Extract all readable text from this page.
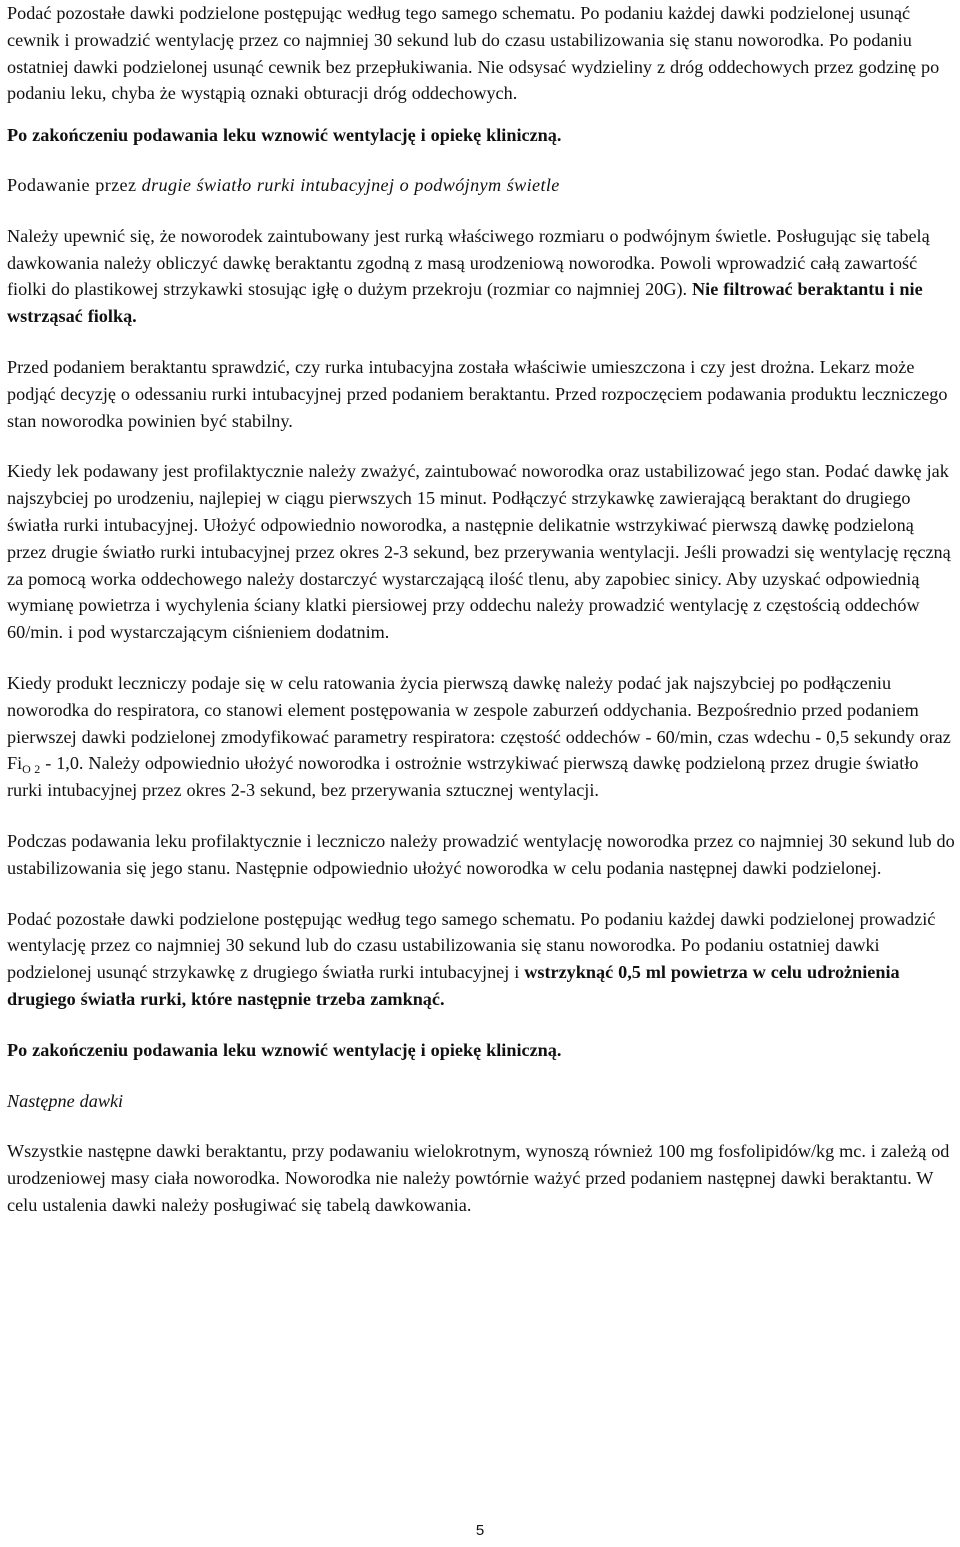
Podać pozostałe dawki podzielone postępując według tego samego schematu. Po podaniu każdej dawki podzielonej usunąć cewnik i prowadzić wentylację przez co najmniej 30 sekund lub do czasu ustabilizowania się stanu noworodka. Po podaniu ostatniej dawki podzielonej usunąć cewnik bez przepłukiwania. Nie odsysać wydzieliny z dróg oddechowych przez godzinę po podaniu leku, chyba że wystąpią oznaki obturacji dróg oddechowych.

Po zakończeniu podawania leku wznowić wentylację i opiekę kliniczną.

Podawanie przez drugie światło rurki intubacyjnej o podwójnym świetle

Należy upewnić się, że noworodek zaintubowany jest rurką właściwego rozmiaru o podwójnym świetle. Posługując się tabelą dawkowania należy obliczyć dawkę beraktantu zgodną z masą urodzeniową noworodka. Powoli wprowadzić całą zawartość fiolki do plastikowej strzykawki stosując igłę o dużym przekroju (rozmiar co najmniej 20G). Nie filtrować beraktantu i nie wstrząsać fiolką.

Przed podaniem beraktantu sprawdzić, czy rurka intubacyjna została właściwie umieszczona i czy jest drożna. Lekarz może podjąć decyzję o odessaniu rurki intubacyjnej przed podaniem beraktantu. Przed rozpoczęciem podawania produktu leczniczego stan noworodka powinien być stabilny.

Kiedy lek podawany jest profilaktycznie należy zważyć, zaintubować noworodka oraz ustabilizować jego stan. Podać dawkę jak najszybciej po urodzeniu, najlepiej w ciągu pierwszych 15 minut. Podłączyć strzykawkę zawierającą beraktant do drugiego światła rurki intubacyjnej. Ułożyć odpowiednio noworodka, a następnie delikatnie wstrzykiwać pierwszą dawkę podzieloną przez drugie światło rurki intubacyjnej przez okres 2-3 sekund, bez przerywania wentylacji. Jeśli prowadzi się wentylację ręczną za pomocą worka oddechowego należy dostarczyć wystarczającą ilość tlenu, aby zapobiec sinicy. Aby uzyskać odpowiednią wymianę powietrza i wychylenia ściany klatki piersiowej przy oddechu należy prowadzić wentylację z częstością oddechów 60/min. i pod wystarczającym ciśnieniem dodatnim.

Kiedy produkt leczniczy podaje się w celu ratowania życia pierwszą dawkę należy podać jak najszybciej po podłączeniu noworodka do respiratora, co stanowi element postępowania w zespole zaburzeń oddychania. Bezpośrednio przed podaniem pierwszej dawki podzielonej zmodyfikować parametry respiratora: częstość oddechów - 60/min, czas wdechu - 0,5 sekundy oraz $Fi_{O 2} - 1,0$. Należy odpowiednio ułożyć noworodka i ostrożnie wstrzykiwać pierwszą dawkę podzieloną przez drugie światło rurki intubacyjnej przez okres 2-3 sekund, bez przerywania sztucznej wentylacji.

Podczas podawania leku profilaktycznie i leczniczo należy prowadzić wentylację noworodka przez co najmniej 30 sekund lub do ustabilizowania się jego stanu. Następnie odpowiednio ułożyć noworodka w celu podania następnej dawki podzielonej.

Podać pozostałe dawki podzielone postępując według tego samego schematu. Po podaniu każdej dawki podzielonej prowadzić wentylację przez co najmniej 30 sekund lub do czasu ustabilizowania się stanu noworodka. Po podaniu ostatniej dawki podzielonej usunąć strzykawkę z drugiego światła rurki intubacyjnej i wstrzyknąć 0,5 ml powietrza w celu udrożnienia drugiego światła rurki, które następnie trzeba zamknąć.

Po zakończeniu podawania leku wznowić wentylację i opiekę kliniczną.

Następne dawki

Wszystkie następne dawki beraktantu, przy podawaniu wielokrotnym, wynoszą również 100 mg fosfolipidów/kg mc. i zależą od urodzeniowej masy ciała noworodka. Noworodka nie należy powtórnie ważyć przed podaniem następnej dawki beraktantu. W celu ustalenia dawki należy posługiwać się tabelą dawkowania.

5
